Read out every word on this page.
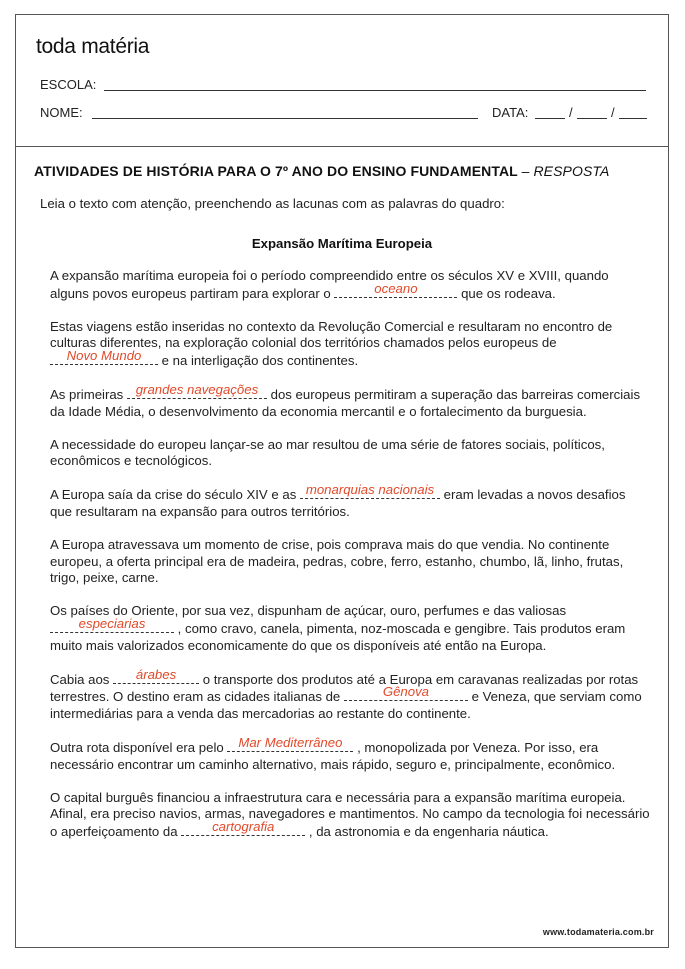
toda matéria
ESCOLA:
NOME:	DATA:	/	/
ATIVIDADES DE HISTÓRIA PARA O 7º ANO DO ENSINO FUNDAMENTAL – RESPOSTA
Leia o texto com atenção, preenchendo as lacunas com as palavras do quadro:
Expansão Marítima Europeia

A expansão marítima europeia foi o período compreendido entre os séculos XV e XVIII, quando alguns povos europeus partiram para explorar o	oceano	que os rodeava.

Estas viagens estão inseridas no contexto da Revolução Comercial e resultaram no encontro de culturas diferentes, na exploração colonial dos territórios chamados pelos europeus de
Novo Mundo	e na interligação dos continentes.

As primeiras grandes navegações dos europeus permitiram a superação das barreiras comerciais da Idade Média, o desenvolvimento da economia mercantil e o fortalecimento da burguesia.

A necessidade do europeu lançar-se ao mar resultou de uma série de fatores sociais, políticos, econômicos e tecnológicos.

A Europa saía da crise do século XIV e as monarquias nacionais eram levadas a novos desafios que resultaram na expansão para outros territórios.

A Europa atravessava um momento de crise, pois comprava mais do que vendia. No continente europeu, a oferta principal era de madeira, pedras, cobre, ferro, estanho, chumbo, lã, linho, frutas, trigo, peixe, carne.

Os países do Oriente, por sua vez, dispunham de açúcar, ouro, perfumes e das valiosas
especiarias	, como cravo, canela, pimenta, noz-moscada e gengibre. Tais produtos eram muito mais valorizados economicamente do que os disponíveis até então na Europa.

Cabia aos	árabes	o transporte dos produtos até a Europa em caravanas realizadas por rotas terrestres. O destino eram as cidades italianas de	Gênova	e Veneza, que serviam como intermediárias para a venda das mercadorias ao restante do continente.

Outra rota disponível era pelo Mar Mediterrâneo , monopolizada por Veneza. Por isso, era necessário encontrar um caminho alternativo, mais rápido, seguro e, principalmente, econômico.

O capital burguês financiou a infraestrutura cara e necessária para a expansão marítima europeia. Afinal, era preciso navios, armas, navegadores e mantimentos. No campo da tecnologia foi necessário o aperfeiçoamento da	cartografia	, da astronomia e da engenharia náutica.

www.todamateria.com.br
